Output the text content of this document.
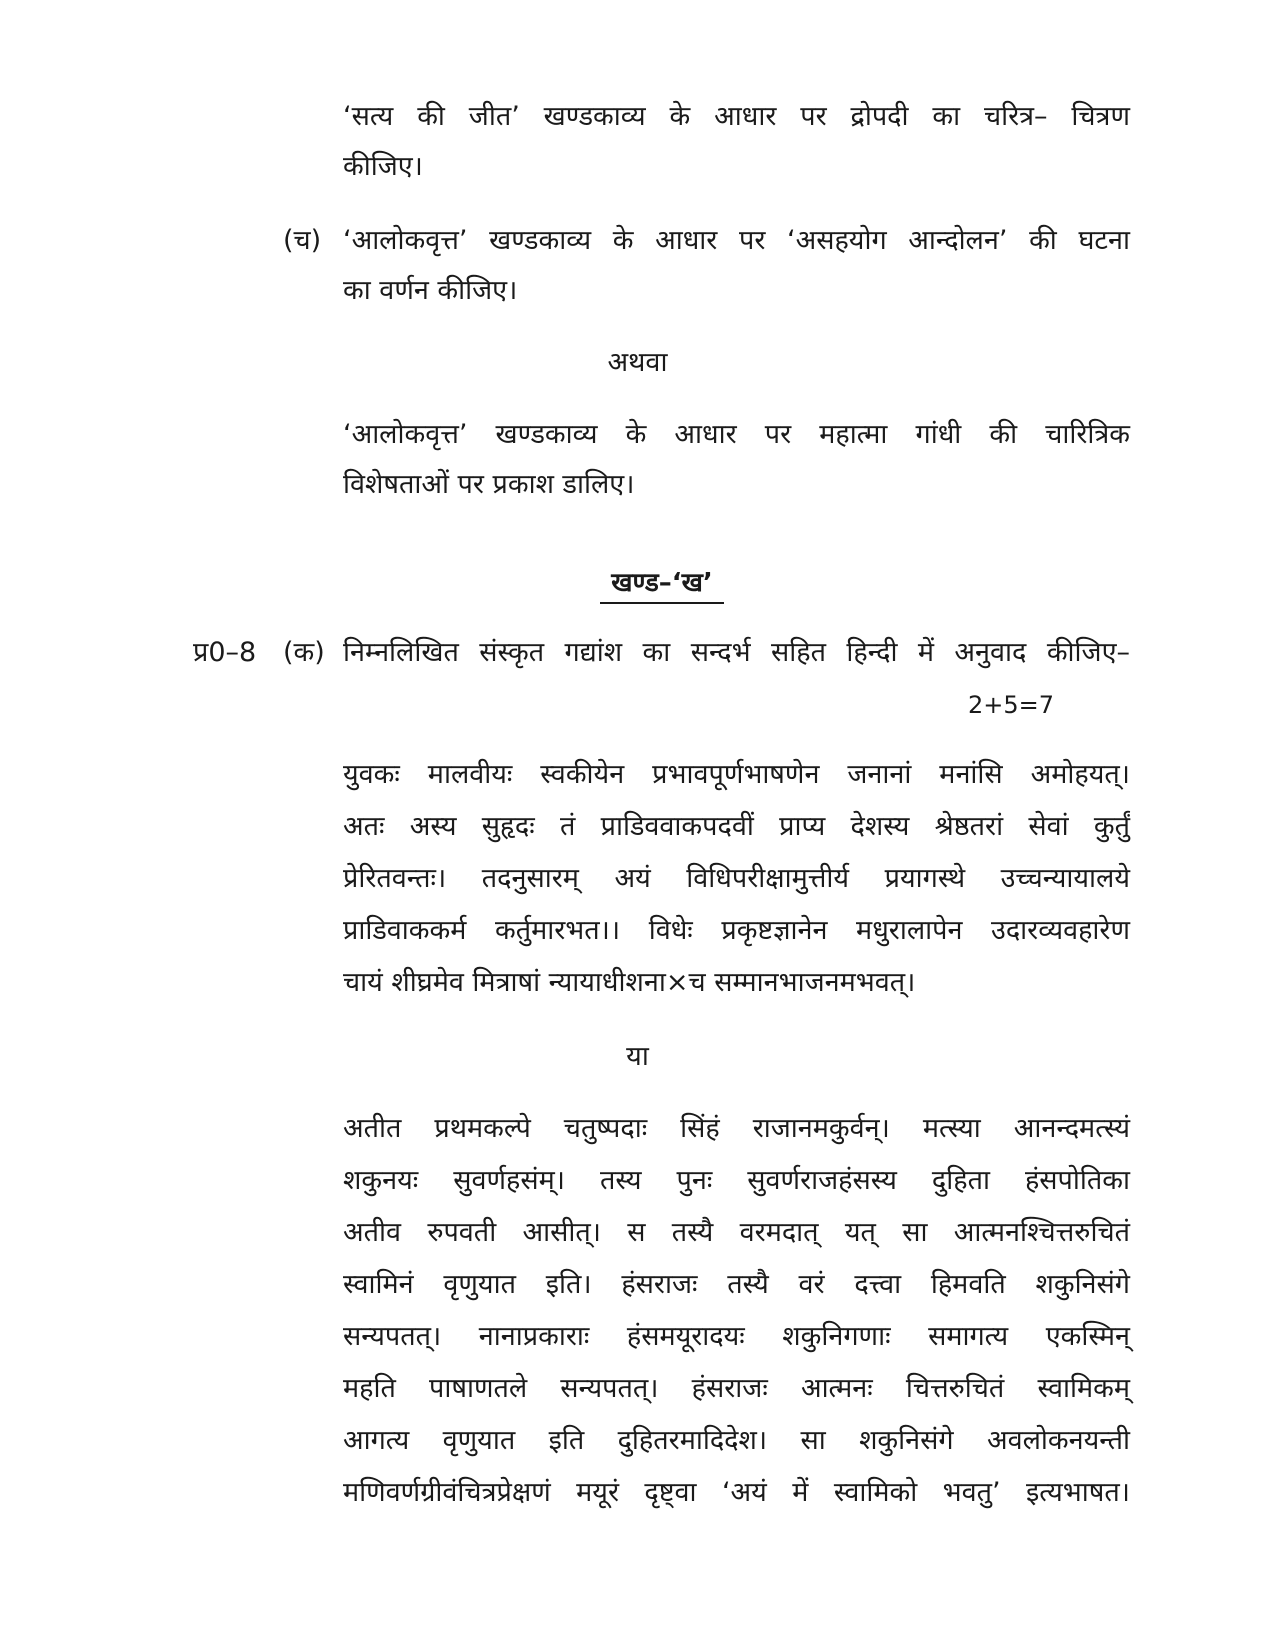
‘सत्य की जीत’ खण्डकाव्य के आधार पर द्रोपदी का चरित्र– चित्रण

कीजिए।

(च) ‘आलोकवृत्त’ खण्डकाव्य के आधार पर ‘असहयोग आन्दोलन’ की घटना

का वर्णन कीजिए।

अथवा

‘आलोकवृत्त’ खण्डकाव्य के आधार पर महात्मा गांधी की चारित्रिक

विशेषताओं पर प्रकाश डालिए।

खण्ड–‘ख’

प्र0–8 (क) निम्नलिखित संस्कृत गद्यांश का सन्दर्भ सहित हिन्दी में अनुवाद कीजिए–

2+5=7

युवकः मालवीयः स्वकीयेन प्रभावपूर्णभाषणेन जनानां मनांसि अमोहयत्।

अतः अस्य सुहृदः तं प्राडिववाकपदवीं प्राप्य देशस्य श्रेष्ठतरां सेवां कुर्तुं

प्रेरितवन्तः। तदनुसारम् अयं विधिपरीक्षामुत्तीर्य प्रयागस्थे उच्चन्यायालये

प्राडिवाककर्म कर्तुमारभत।। विधेः प्रकृष्टज्ञानेन मधुरालापेन उदारव्यवहारेण

चायं शीघ्रमेव मित्राषां न्यायाधीशना×च सम्मानभाजनमभवत्।

या

अतीत प्रथमकल्पे चतुष्पदाः सिंहं राजानमकुर्वन्। मत्स्या आनन्दमत्स्यं

शकुनयः सुवर्णहसंम्। तस्य पुनः सुवर्णराजहंसस्य दुहिता हंसपोतिका

अतीव रुपवती आसीत्। स तस्यै वरमदात् यत् सा आत्मनश्चित्तरुचितं

स्वामिनं वृणुयात इति। हंसराजः तस्यै वरं दत्त्वा हिमवति शकुनिसंगे

सन्यपतत्। नानाप्रकाराः हंसमयूरादयः शकुनिगणाः समागत्य एकस्मिन्

महति पाषाणतले सन्यपतत्। हंसराजः आत्मनः चित्तरुचितं स्वामिकम्

आगत्य वृणुयात इति दुहितरमादिदेश। सा शकुनिसंगे अवलोकनयन्ती

मणिवर्णग्रीवंचित्रप्रेक्षणं मयूरं दृष्ट्वा ‘अयं में स्वामिको भवतु’ इत्यभाषत।
